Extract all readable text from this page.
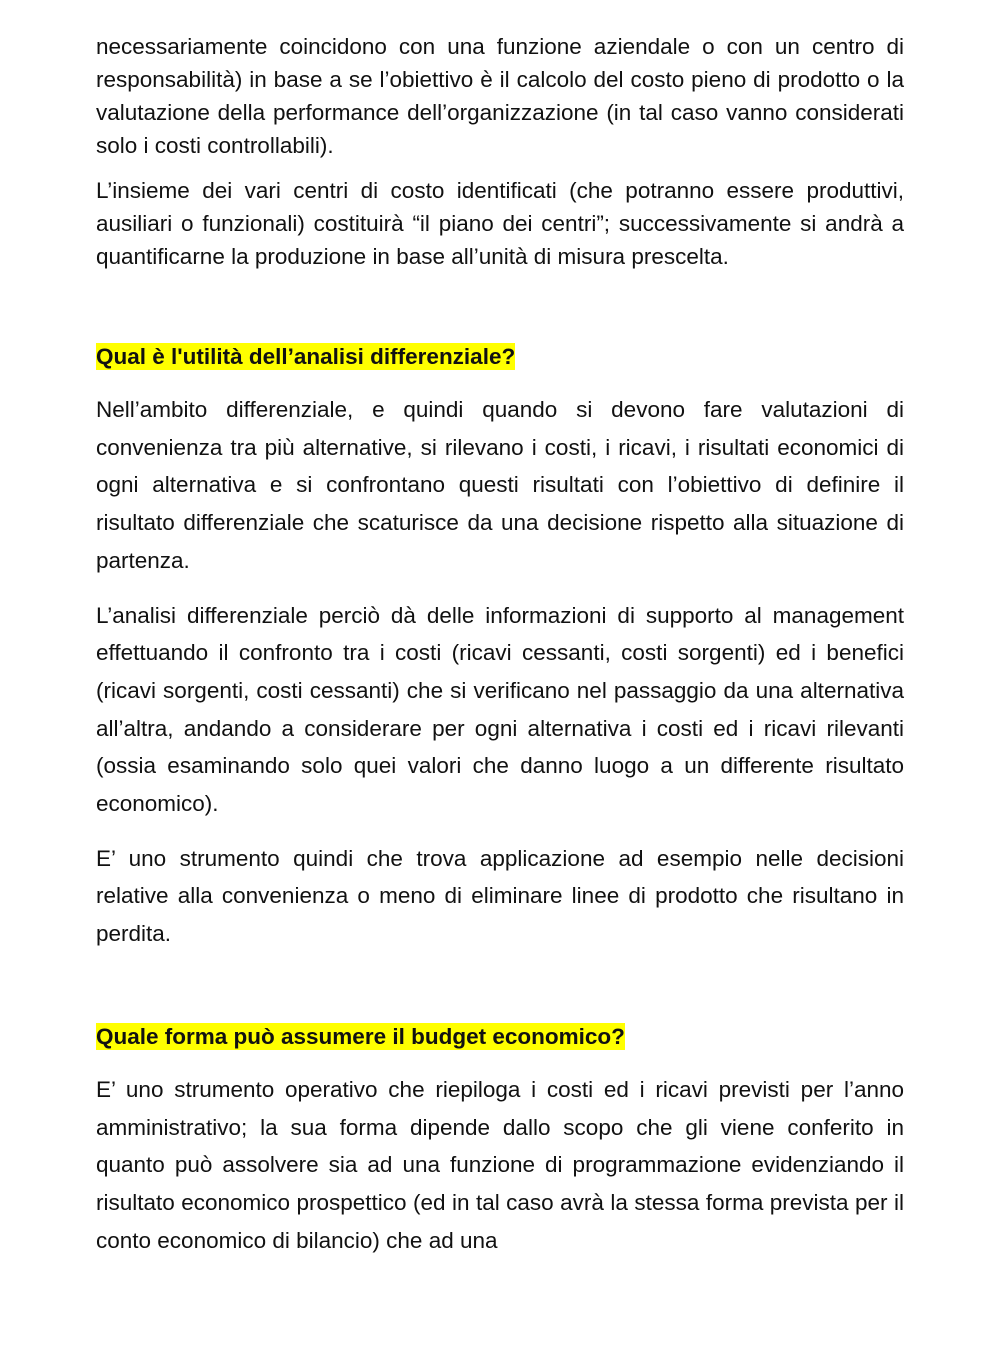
necessariamente coincidono con una funzione aziendale o con un centro di responsabilità) in base a se l’obiettivo è il calcolo del costo pieno di prodotto o la valutazione della performance dell’organizzazione (in tal caso vanno considerati solo i costi controllabili).

L’insieme dei vari centri di costo identificati (che potranno essere produttivi, ausiliari o funzionali) costituirà “il piano dei centri”; successivamente si andrà a quantificarne la produzione in base all’unità di misura prescelta.

Qual è l'utilità dell’analisi differenziale?

Nell’ambito differenziale, e quindi quando si devono fare valutazioni di convenienza tra più alternative, si rilevano i costi, i ricavi, i risultati economici di ogni alternativa e si confrontano questi risultati con l’obiettivo di definire il risultato differenziale che scaturisce da una decisione rispetto alla situazione di partenza.

L’analisi differenziale perciò dà delle informazioni di supporto al management effettuando il confronto tra i costi (ricavi cessanti, costi sorgenti) ed i benefici (ricavi sorgenti, costi cessanti) che si verificano nel passaggio da una alternativa all’altra, andando a considerare per ogni alternativa i costi ed i ricavi rilevanti (ossia esaminando solo quei valori che danno luogo a un differente risultato economico).

E’ uno strumento quindi che trova applicazione ad esempio nelle decisioni relative alla convenienza o meno di eliminare linee di prodotto che risultano in perdita.

Quale forma può assumere il budget economico?

E’ uno strumento operativo che riepiloga i costi ed i ricavi previsti per l’anno amministrativo; la sua forma dipende dallo scopo che gli viene conferito in quanto può assolvere sia ad una funzione di programmazione evidenziando il risultato economico prospettico (ed in tal caso avrà la stessa forma prevista per il conto economico di bilancio) che ad una
